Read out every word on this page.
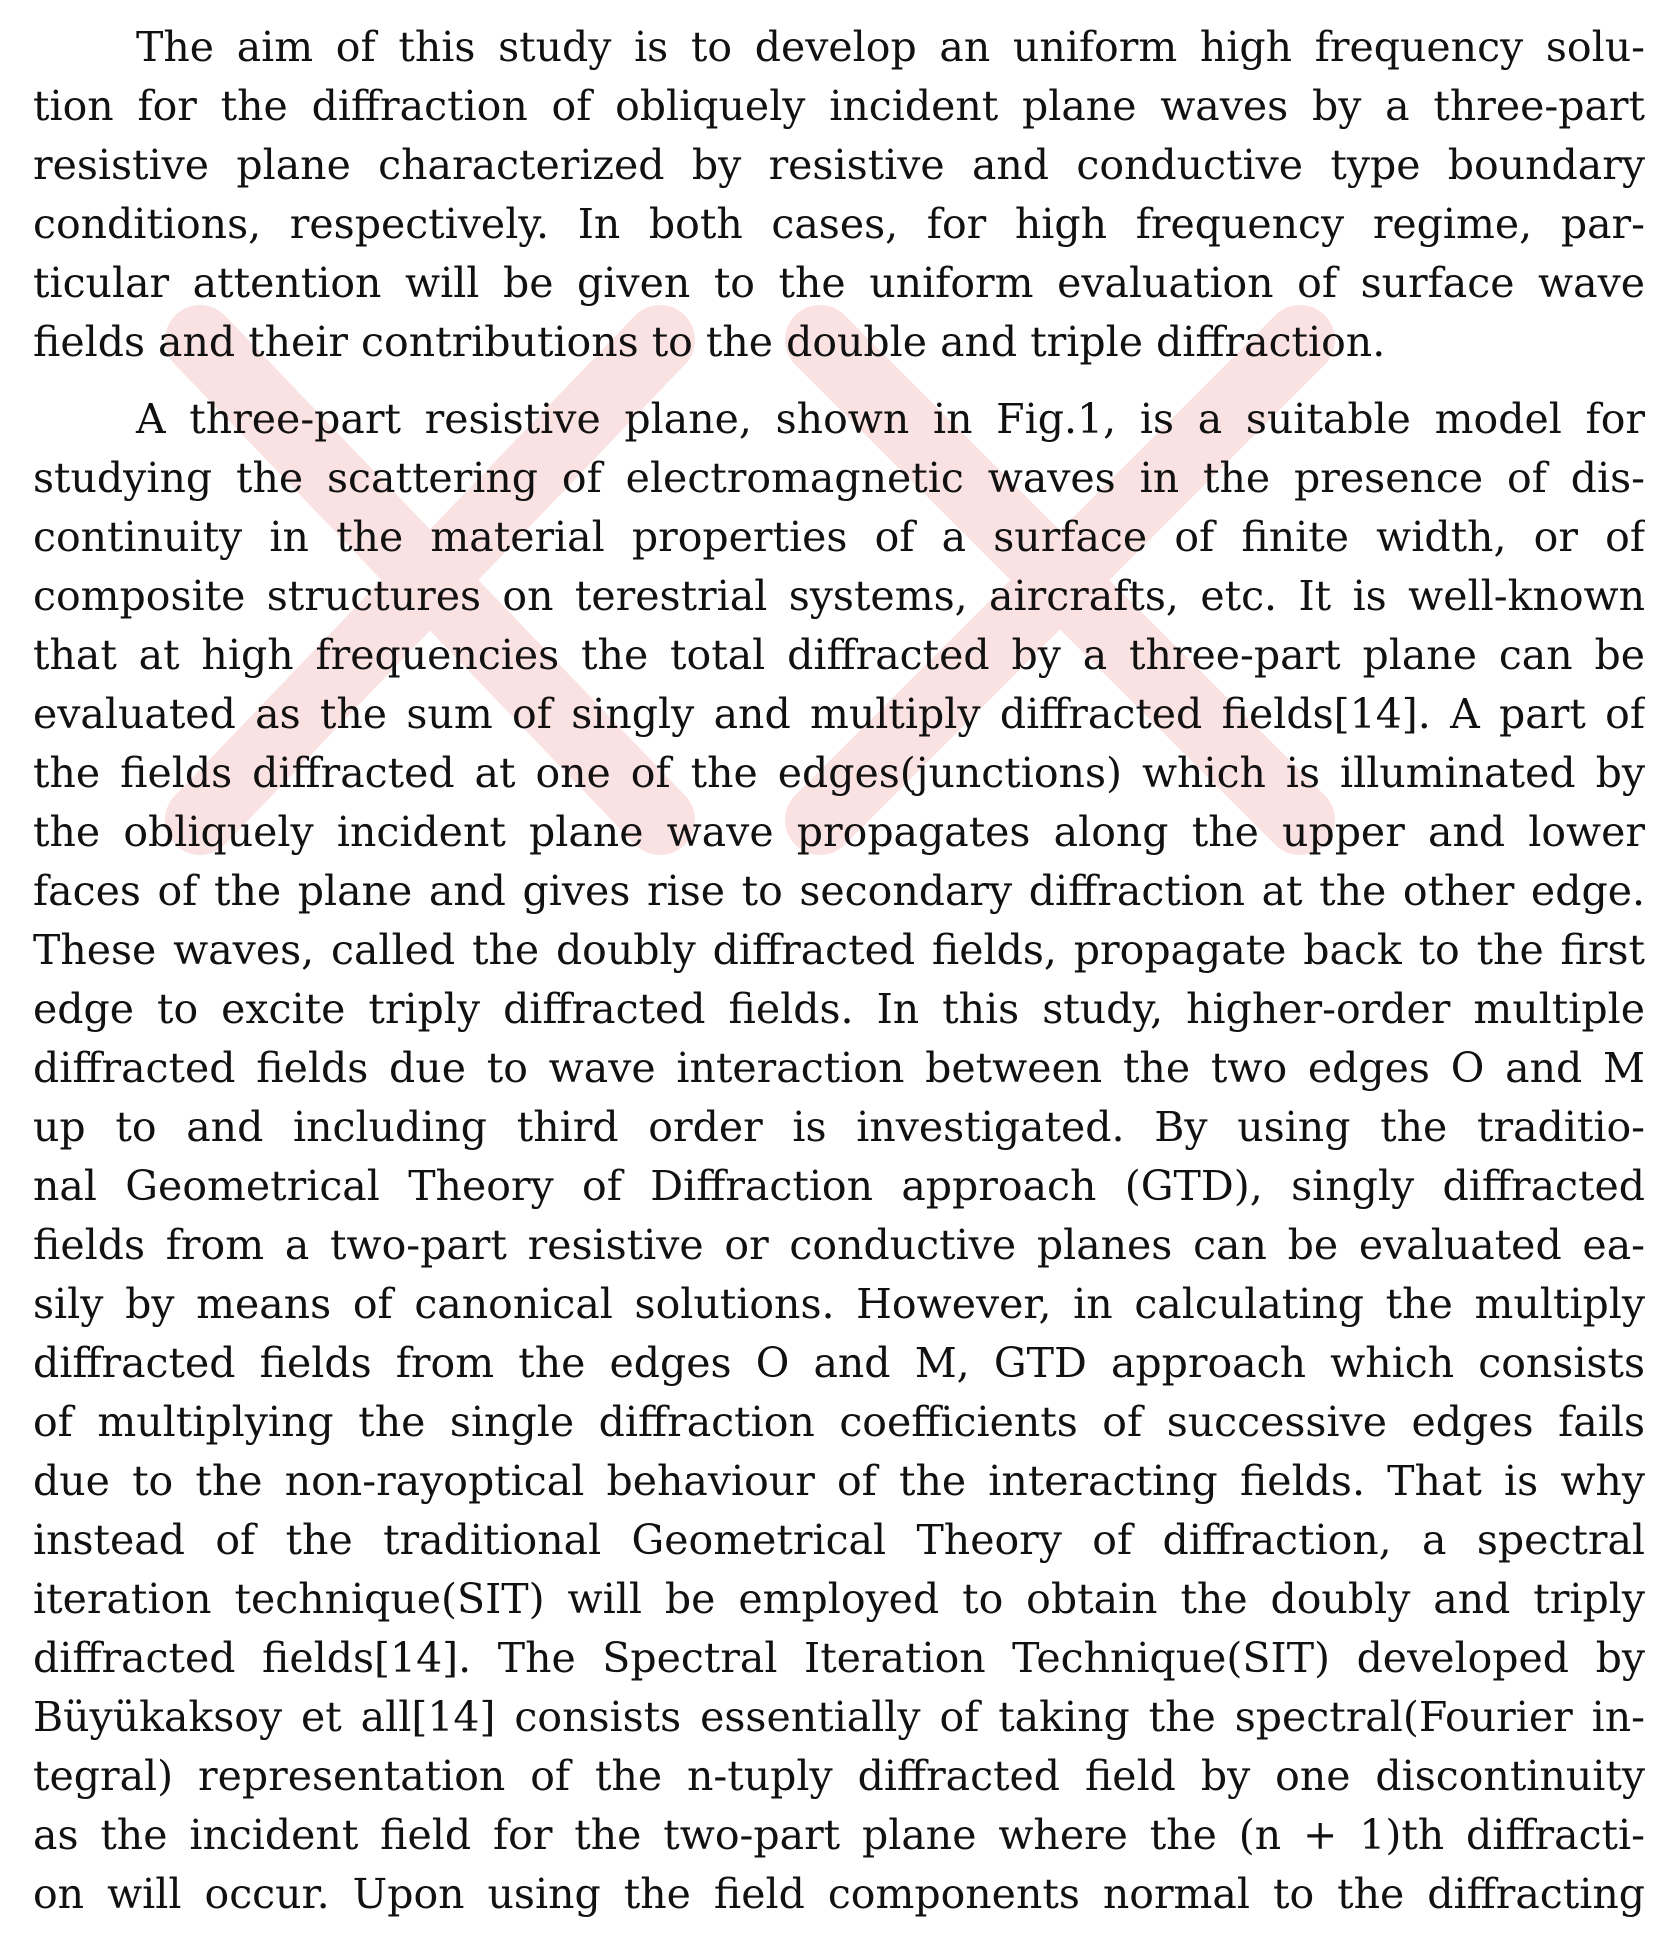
The aim of this study is to develop an uniform high frequency solu-
tion for the diffraction of obliquely incident plane waves by a three-part
resistive plane characterized by resistive and conductive type boundary
conditions, respectively. In both cases, for high frequency regime, par-
ticular attention will be given to the uniform evaluation of surface wave
fields and their contributions to the double and triple diffraction.
A three-part resistive plane, shown in Fig.1, is a suitable model for
studying the scattering of electromagnetic waves in the presence of dis-
continuity in the material properties of a surface of finite width, or of
composite structures on terestrial systems, aircrafts, etc. It is well-known
that at high frequencies the total diffracted by a three-part plane can be
evaluated as the sum of singly and multiply diffracted fields[14]. A part of
the fields diffracted at one of the edges(junctions) which is illuminated by
the obliquely incident plane wave propagates along the upper and lower
faces of the plane and gives rise to secondary diffraction at the other edge.
These waves, called the doubly diffracted fields, propagate back to the first
edge to excite triply diffracted fields. In this study, higher-order multiple
diffracted fields due to wave interaction between the two edges O and M
up to and including third order is investigated. By using the traditio-
nal Geometrical Theory of Diffraction approach (GTD), singly diffracted
fields from a two-part resistive or conductive planes can be evaluated ea-
sily by means of canonical solutions. However, in calculating the multiply
diffracted fields from the edges O and M, GTD approach which consists
of multiplying the single diffraction coefficients of successive edges fails
due to the non-rayoptical behaviour of the interacting fields. That is why
instead of the traditional Geometrical Theory of diffraction, a spectral
iteration technique(SIT) will be employed to obtain the doubly and triply
diffracted fields[14]. The Spectral Iteration Technique(SIT) developed by
Büyükaksoy et all[14] consists essentially of taking the spectral(Fourier in-
tegral) representation of the n-tuply diffracted field by one discontinuity
as the incident field for the two-part plane where the (n + 1)th diffracti-
on will occur. Upon using the field components normal to the diffracting
